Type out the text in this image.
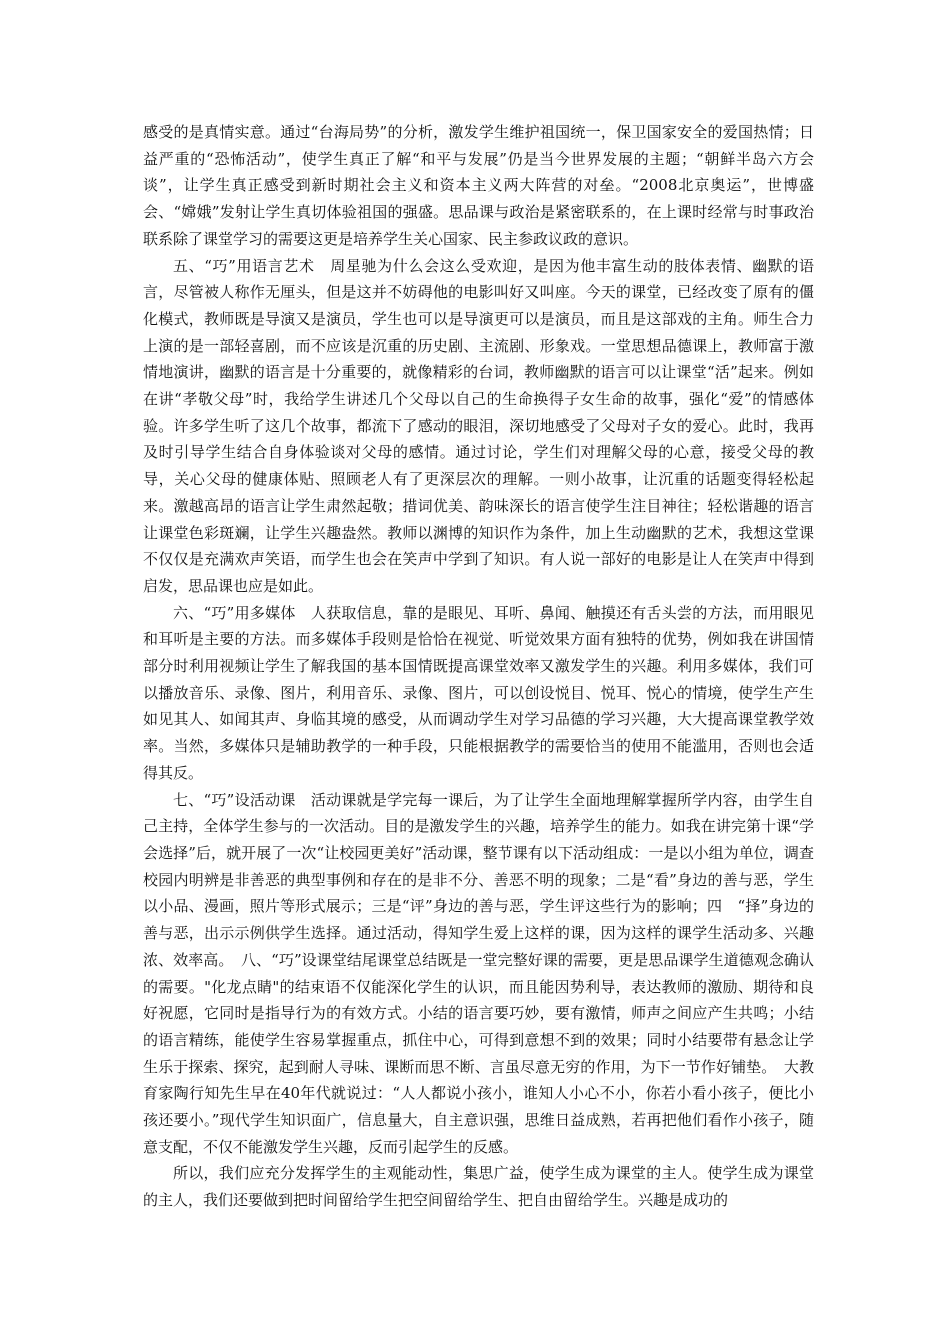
感受的是真情实意。通过“台海局势”的分析，激发学生维护祖国统一，保卫国家安全的爱国热情；日益严重的“恐怖活动”，使学生真正了解“和平与发展”仍是当今世界发展的主题；“朝鲜半岛六方会谈”，让学生真正感受到新时期社会主义和资本主义两大阵营的对垒。“2008北京奥运”，世博盛会、“嫦娥”发射让学生真切体验祖国的强盛。思品课与政治是紧密联系的，在上课时经常与时事政治联系除了课堂学习的需要这更是培养学生关心国家、民主参政议政的意识。

五、“巧”用语言艺术　周星驰为什么会这么受欢迎，是因为他丰富生动的肢体表情、幽默的语言，尽管被人称作无厘头，但是这并不妨碍他的电影叫好又叫座。今天的课堂，已经改变了原有的僵化模式，教师既是导演又是演员，学生也可以是导演更可以是演员，而且是这部戏的主角。师生合力上演的是一部轻喜剧，而不应该是沉重的历史剧、主流剧、形象戏。一堂思想品德课上，教师富于激情地演讲，幽默的语言是十分重要的，就像精彩的台词，教师幽默的语言可以让课堂“活”起来。例如在讲“孝敬父母”时，我给学生讲述几个父母以自己的生命换得子女生命的故事，强化“爱”的情感体验。许多学生听了这几个故事，都流下了感动的眼泪，深切地感受了父母对子女的爱心。此时，我再及时引导学生结合自身体验谈对父母的感情。通过讨论，学生们对理解父母的心意，接受父母的教导，关心父母的健康体贴、照顾老人有了更深层次的理解。一则小故事，让沉重的话题变得轻松起来。激越高昂的语言让学生肃然起敬；措词优美、韵味深长的语言使学生注目神往；轻松谐趣的语言让课堂色彩斑斓，让学生兴趣盎然。教师以渊博的知识作为条件，加上生动幽默的艺术，我想这堂课不仅仅是充满欢声笑语，而学生也会在笑声中学到了知识。有人说一部好的电影是让人在笑声中得到启发，思品课也应是如此。

六、“巧”用多媒体　人获取信息，靠的是眼见、耳听、鼻闻、触摸还有舌头尝的方法，而用眼见和耳听是主要的方法。而多媒体手段则是恰恰在视觉、听觉效果方面有独特的优势，例如我在讲国情部分时利用视频让学生了解我国的基本国情既提高课堂效率又激发学生的兴趣。利用多媒体，我们可以播放音乐、录像、图片，利用音乐、录像、图片，可以创设悦目、悦耳、悦心的情境，使学生产生如见其人、如闻其声、身临其境的感受，从而调动学生对学习品德的学习兴趣，大大提高课堂教学效率。当然，多媒体只是辅助教学的一种手段，只能根据教学的需要恰当的使用不能滥用，否则也会适得其反。

七、“巧”设活动课　活动课就是学完每一课后，为了让学生全面地理解掌握所学内容，由学生自己主持，全体学生参与的一次活动。目的是激发学生的兴趣，培养学生的能力。如我在讲完第十课“学会选择”后，就开展了一次“让校园更美好”活动课，整节课有以下活动组成：一是以小组为单位，调查校园内明辨是非善恶的典型事例和存在的是非不分、善恶不明的现象；二是“看”身边的善与恶，学生以小品、漫画，照片等形式展示；三是“评”身边的善与恶，学生评这些行为的影响；四　“择”身边的善与恶，出示示例供学生选择。通过活动，得知学生爱上这样的课，因为这样的课学生活动多、兴趣浓、效率高。　八、“巧”设课堂结尾课堂总结既是一堂完整好课的需要，更是思品课学生道德观念确认的需要。"化龙点睛"的结束语不仅能深化学生的认识，而且能因势利导，表达教师的激励、期待和良好祝愿，它同时是指导行为的有效方式。小结的语言要巧妙，要有激情，师声之间应产生共鸣；小结的语言精练，能使学生容易掌握重点，抓住中心，可得到意想不到的效果；同时小结要带有悬念让学生乐于探索、探究，起到耐人寻味、课断而思不断、言虽尽意无穷的作用，为下一节作好铺垫。　大教育家陶行知先生早在40年代就说过：“人人都说小孩小，谁知人小心不小，你若小看小孩子，便比小孩还要小。”现代学生知识面广，信息量大，自主意识强，思维日益成熟，若再把他们看作小孩子，随意支配，不仅不能激发学生兴趣，反而引起学生的反感。

所以，我们应充分发挥学生的主观能动性，集思广益，使学生成为课堂的主人。使学生成为课堂的主人，我们还要做到把时间留给学生把空间留给学生、把自由留给学生。兴趣是成功的
